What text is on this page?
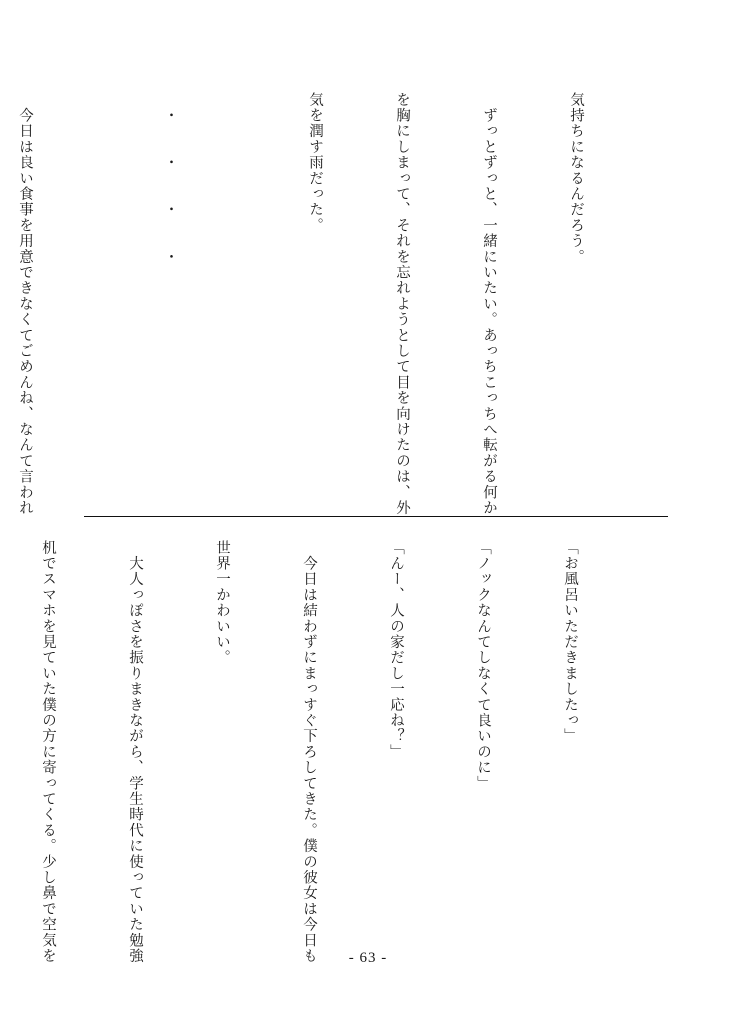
気持ちになるんだろう。

　ずっとずっと、一緒にいたい。あっちこっちへ転がる何か

を胸にしまって、それを忘れようとして目を向けたのは、外

気を潤す雨だった。

　・　　・　　・　　・

　今日は良い食事を用意できなくてごめんね、なんて言われ

「お風呂いただきましたっ」

「ノックなんてしなくて良いのに」

「んー、人の家だし一応ね？」

　今日は結わずにまっすぐ下ろしてきた。僕の彼女は今日も

世界一かわいい。

　大人っぽさを振りまきながら、学生時代に使っていた勉強

机でスマホを見ていた僕の方に寄ってくる。少し鼻で空気を

	- 63 -
